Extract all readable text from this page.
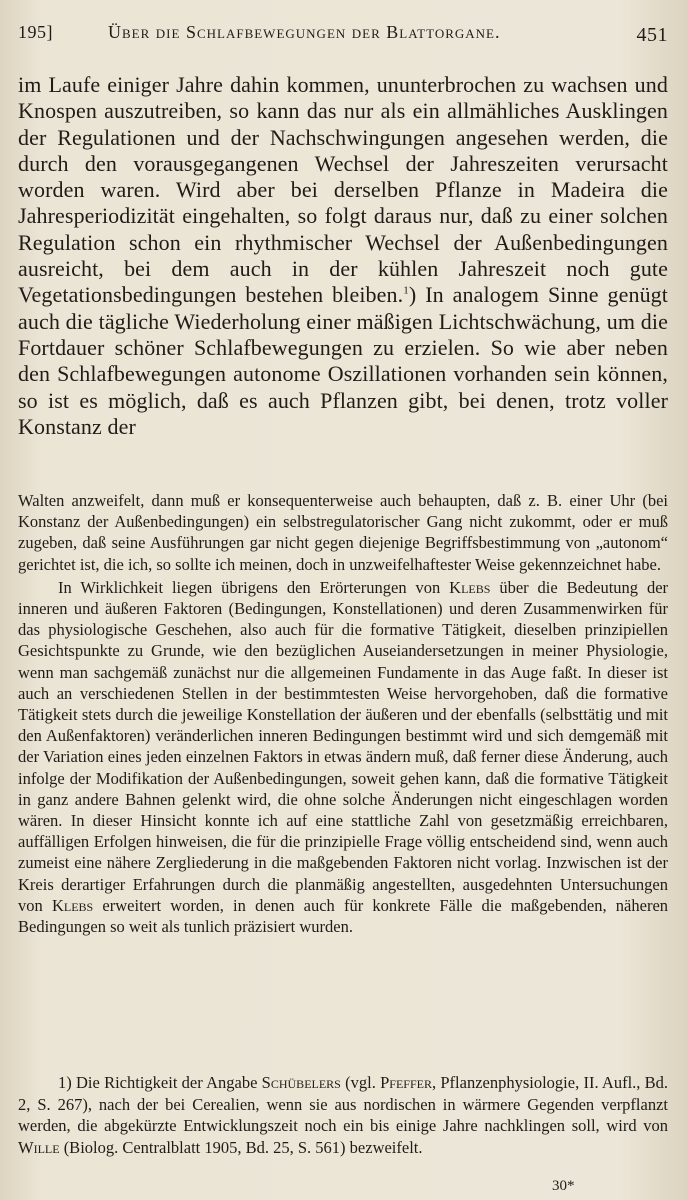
195]	Über die Schlafbewegungen der Blattorgane.	451

im Laufe einiger Jahre dahin kommen, ununterbrochen zu wachsen und Knospen auszutreiben, so kann das nur als ein allmähliches Ausklingen der Regulationen und der Nachschwingungen angesehen werden, die durch den vorausgegangenen Wechsel der Jahreszeiten verursacht worden waren. Wird aber bei derselben Pflanze in Madeira die Jahresperiodizität eingehalten, so folgt daraus nur, daß zu einer solchen Regulation schon ein rhythmischer Wechsel der Außenbedingungen ausreicht, bei dem auch in der kühlen Jahreszeit noch gute Vegetationsbedingungen bestehen bleiben.$^1$) In analogem Sinne genügt auch die tägliche Wiederholung einer mäßigen Lichtschwächung, um die Fortdauer schöner Schlafbewegungen zu erzielen. So wie aber neben den Schlafbewegungen autonome Oszillationen vorhanden sein können, so ist es möglich, daß es auch Pflanzen gibt, bei denen, trotz voller Konstanz der

Walten anzweifelt, dann muß er konsequenterweise auch behaupten, daß z. B. einer Uhr (bei Konstanz der Außenbedingungen) ein selbstregulatorischer Gang nicht zukommt, oder er muß zugeben, daß seine Ausführungen gar nicht gegen diejenige Begriffsbestimmung von „autonom“ gerichtet ist, die ich, so sollte ich meinen, doch in unzweifelhaftester Weise gekennzeichnet habe.

In Wirklichkeit liegen übrigens den Erörterungen von Klebs über die Bedeutung der inneren und äußeren Faktoren (Bedingungen, Konstellationen) und deren Zusammenwirken für das physiologische Geschehen, also auch für die formative Tätigkeit, dieselben prinzipiellen Gesichtspunkte zu Grunde, wie den bezüglichen Auseiandersetzungen in meiner Physiologie, wenn man sachgemäß zunächst nur die allgemeinen Fundamente in das Auge faßt. In dieser ist auch an verschiedenen Stellen in der bestimmtesten Weise hervorgehoben, daß die formative Tätigkeit stets durch die jeweilige Konstellation der äußeren und der ebenfalls (selbsttätig und mit den Außenfaktoren) veränderlichen inneren Bedingungen bestimmt wird und sich demgemäß mit der Variation eines jeden einzelnen Faktors in etwas ändern muß, daß ferner diese Änderung, auch infolge der Modifikation der Außenbedingungen, soweit gehen kann, daß die formative Tätigkeit in ganz andere Bahnen gelenkt wird, die ohne solche Änderungen nicht eingeschlagen worden wären. In dieser Hinsicht konnte ich auf eine stattliche Zahl von gesetzmäßig erreichbaren, auffälligen Erfolgen hinweisen, die für die prinzipielle Frage völlig entscheidend sind, wenn auch zumeist eine nähere Zergliederung in die maßgebenden Faktoren nicht vorlag. Inzwischen ist der Kreis derartiger Erfahrungen durch die planmäßig angestellten, ausgedehnten Untersuchungen von Klebs erweitert worden, in denen auch für konkrete Fälle die maßgebenden, näheren Bedingungen so weit als tunlich präzisiert wurden.

1) Die Richtigkeit der Angabe Schübelers (vgl. Pfeffer, Pflanzenphysiologie, II. Aufl., Bd. 2, S. 267), nach der bei Cerealien, wenn sie aus nordischen in wärmere Gegenden verpflanzt werden, die abgekürzte Entwicklungszeit noch ein bis einige Jahre nachklingen soll, wird von Wille (Biolog. Centralblatt 1905, Bd. 25, S. 561) bezweifelt.

30*
